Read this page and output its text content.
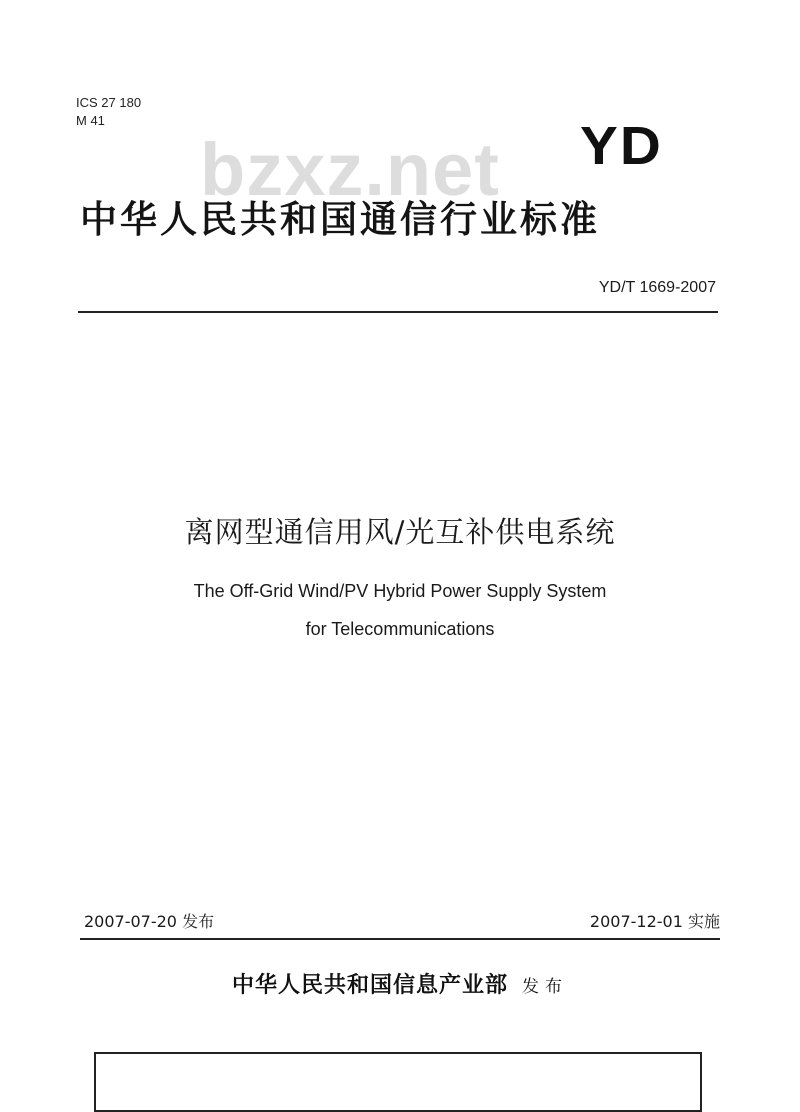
ICS 27 180
M 41
bzxz.net YD
中华人民共和国通信行业标准
YD/T 1669-2007
离网型通信用风/光互补供电系统
The Off-Grid Wind/PV Hybrid Power Supply System
for Telecommunications
2007-07-20 发布	2007-12-01 实施
中华人民共和国信息产业部 发布
